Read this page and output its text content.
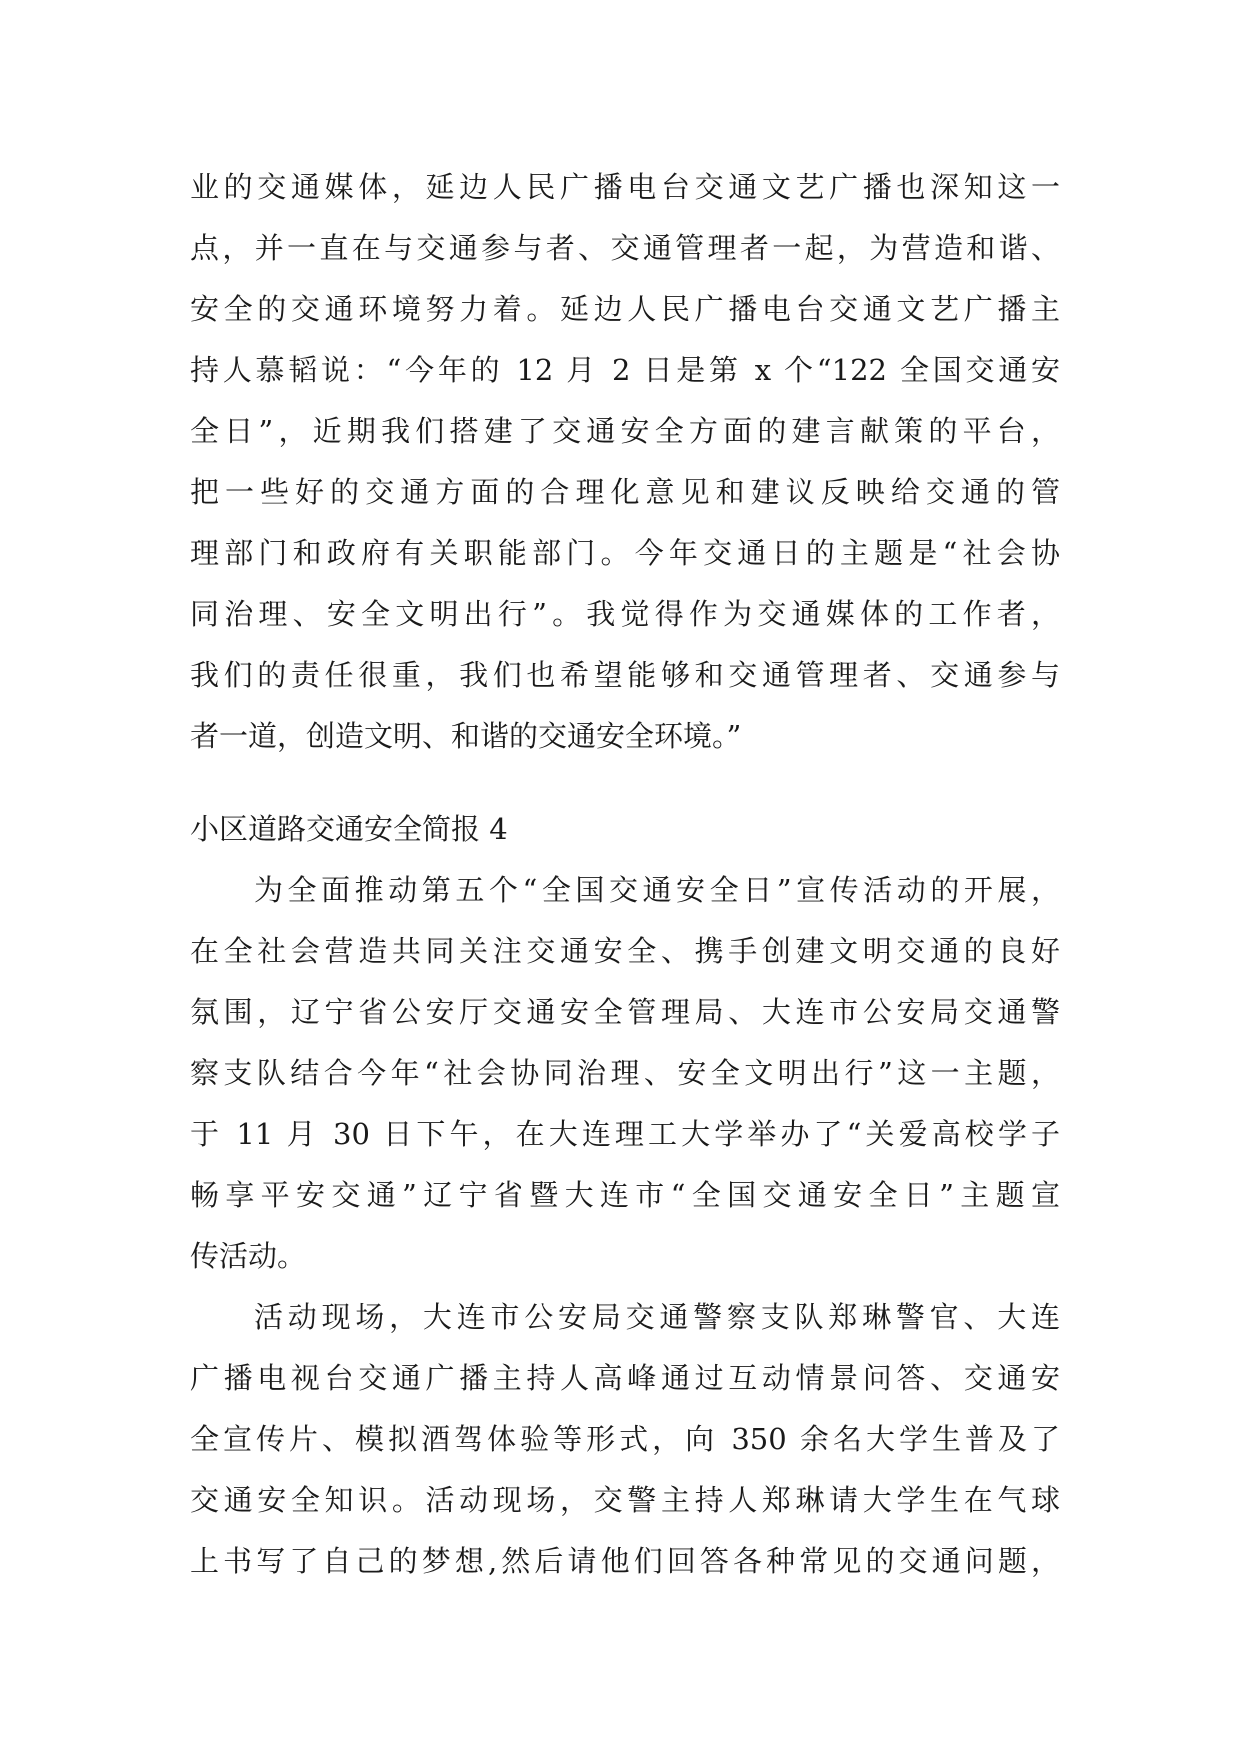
业的交通媒体，延边人民广播电台交通文艺广播也深知这一
点，并一直在与交通参与者、交通管理者一起，为营造和谐、
安全的交通环境努力着。延边人民广播电台交通文艺广播主
持人慕韬说：“今年的 12 月 2 日是第 x 个“122 全国交通安
全日”，近期我们搭建了交通安全方面的建言献策的平台，
把一些好的交通方面的合理化意见和建议反映给交通的管
理部门和政府有关职能部门。今年交通日的主题是“社会协
同治理、安全文明出行”。我觉得作为交通媒体的工作者，
我们的责任很重，我们也希望能够和交通管理者、交通参与
者一道，创造文明、和谐的交通安全环境。”
小区道路交通安全简报 4
为全面推动第五个“全国交通安全日”宣传活动的开展，
在全社会营造共同关注交通安全、携手创建文明交通的良好
氛围，辽宁省公安厅交通安全管理局、大连市公安局交通警
察支队结合今年“社会协同治理、安全文明出行”这一主题，
于 11 月 30 日下午，在大连理工大学举办了“关爱高校学子
畅享平安交通”辽宁省暨大连市“全国交通安全日”主题宣
传活动。
活动现场，大连市公安局交通警察支队郑琳警官、大连
广播电视台交通广播主持人高峰通过互动情景问答、交通安
全宣传片、模拟酒驾体验等形式，向 350 余名大学生普及了
交通安全知识。活动现场，交警主持人郑琳请大学生在气球
上书写了自己的梦想,然后请他们回答各种常见的交通问题，
